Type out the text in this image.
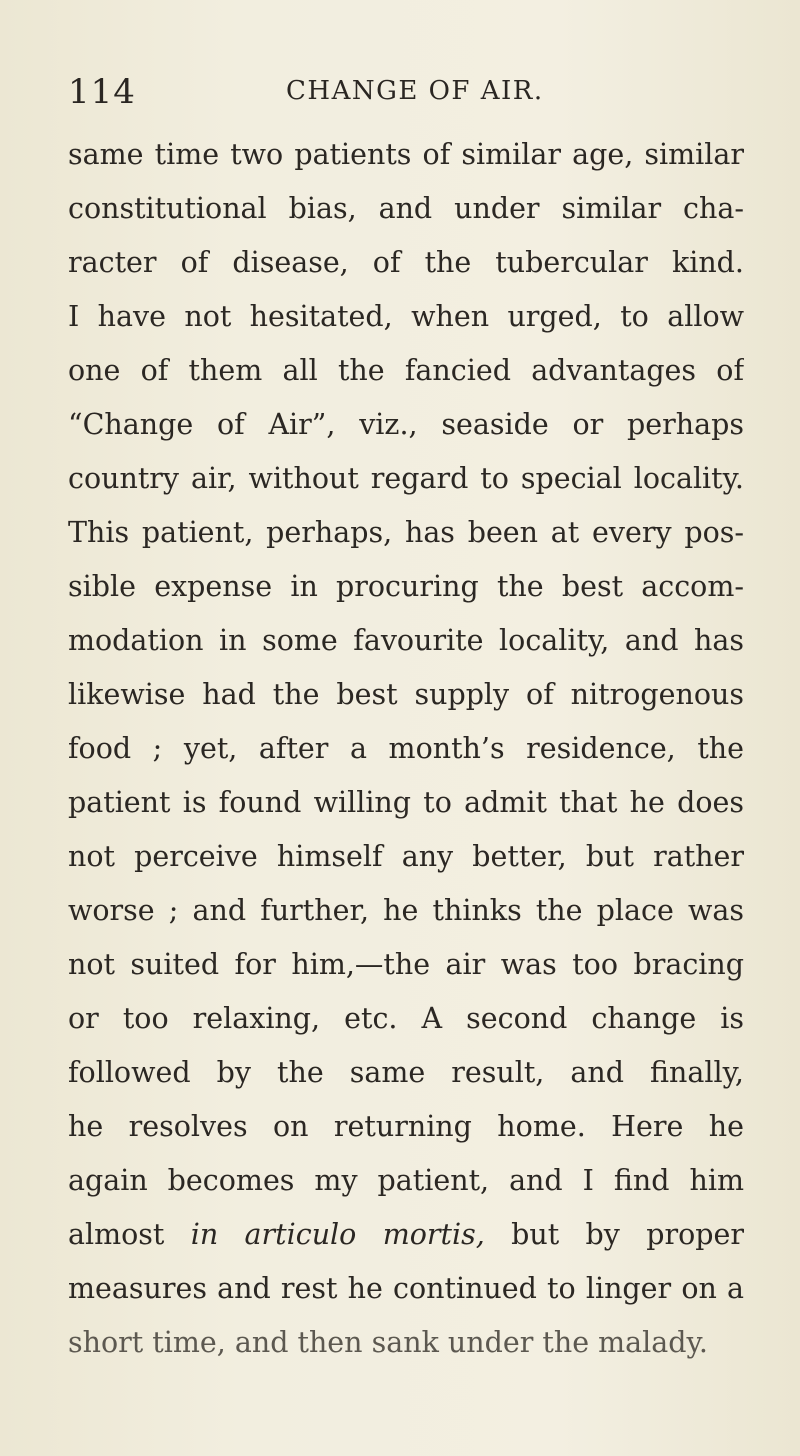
114	CHANGE OF AIR.
same time two patients of similar age, similar
constitutional bias, and under similar cha-
racter of disease, of the tubercular kind.
I have not hesitated, when urged, to allow
one of them all the fancied advantages of
“Change of Air”, viz., seaside or perhaps
country air, without regard to special locality.
This patient, perhaps, has been at every pos-
sible expense in procuring the best accom-
modation in some favourite locality, and has
likewise had the best supply of nitrogenous
food ; yet, after a month’s residence, the
patient is found willing to admit that he does
not perceive himself any better, but rather
worse ; and further, he thinks the place was
not suited for him,—the air was too bracing
or too relaxing, etc. A second change is
followed by the same result, and finally,
he resolves on returning home. Here he
again becomes my patient, and I find him
almost in articulo mortis, but by proper
measures and rest he continued to linger on a
short time, and then sank under the malady.
